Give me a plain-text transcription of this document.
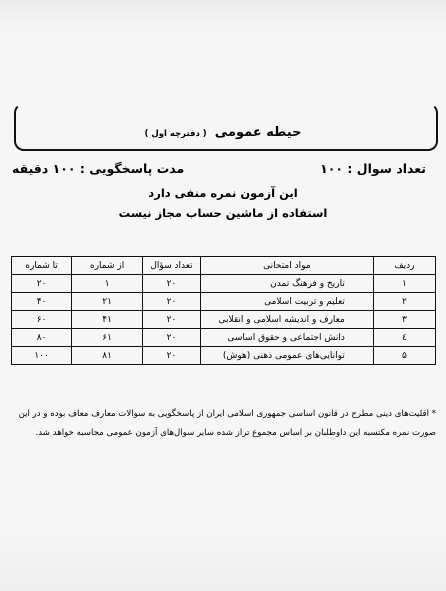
حیطه عمومی ( دفترچه اول )
تعداد سوال : ۱۰۰
مدت پاسخگویی : ۱۰۰ دقیقه
این آزمون نمره منفی دارد
استفاده از ماشین حساب مجاز نیست
ردیف	مواد امتحانی	تعداد سؤال	از شماره	تا شماره
۱	تاریخ و فرهنگ تمدن	۲۰	۱	۲۰
۲	تعلیم و تربیت اسلامی	۲۰	۲۱	۴۰
۳	معارف و اندیشه اسلامی و انقلابی	۲۰	۴۱	۶۰
٤	دانش اجتماعی و حقوق اساسی	۲۰	۶۱	۸۰
۵	توانایی‌های عمومی ذهنی (هوش)	۲۰	۸۱	۱۰۰
* اقلیت‌های دینی مطرح در قانون اساسی جمهوری اسلامی ایران از پاسخگویی به سوالات معارف معاف بوده و در این صورت نمره مکتسبه این داوطلبان بر اساس مجموع تراز شده سایر سوال‌های آزمون عمومی محاسبه خواهد شد.
